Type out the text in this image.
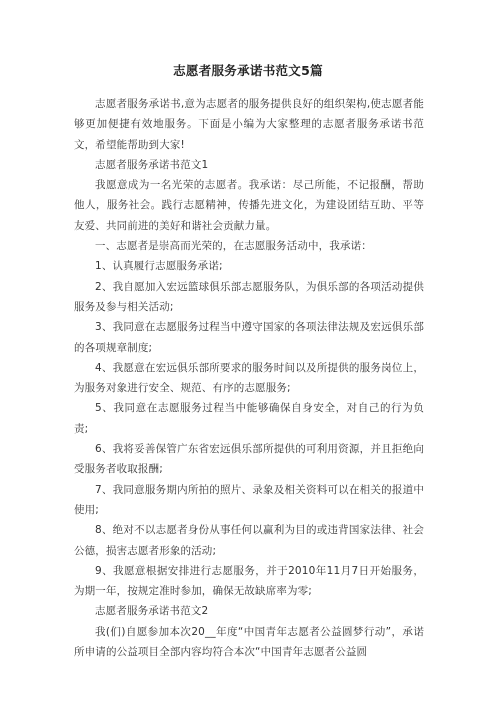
志愿者服务承诺书范文5篇

志愿者服务承诺书,意为志愿者的服务提供良好的组织架构,使志愿者能够更加便捷有效地服务。下面是小编为大家整理的志愿者服务承诺书范文，希望能帮助到大家!

志愿者服务承诺书范文1

我愿意成为一名光荣的志愿者。我承诺：尽己所能，不记报酬，帮助他人，服务社会。践行志愿精神，传播先进文化，为建设团结互助、平等友爱、共同前进的美好和谐社会贡献力量。

一、志愿者是崇高而光荣的，在志愿服务活动中，我承诺：

1、认真履行志愿服务承诺;

2、我自愿加入宏远篮球俱乐部志愿服务队，为俱乐部的各项活动提供服务及参与相关活动;

3、我同意在志愿服务过程当中遵守国家的各项法律法规及宏远俱乐部的各项规章制度;

4、我愿意在宏远俱乐部所要求的服务时间以及所提供的服务岗位上，为服务对象进行安全、规范、有序的志愿服务;

5、我同意在志愿服务过程当中能够确保自身安全，对自己的行为负责;

6、我将妥善保管广东省宏远俱乐部所提供的可利用资源，并且拒绝向受服务者收取报酬;

7、我同意服务期内所拍的照片、录象及相关资料可以在相关的报道中使用;

8、绝对不以志愿者身份从事任何以赢利为目的或违背国家法律、社会公德，损害志愿者形象的活动;

9、我愿意根据安排进行志愿服务，并于2010年11月7日开始服务，为期一年，按规定准时参加，确保无故缺席率为零;

志愿者服务承诺书范文2

我(们)自愿参加本次20__年度“中国青年志愿者公益圆梦行动”，承诺所申请的公益项目全部内容均符合本次“中国青年志愿者公益圆
